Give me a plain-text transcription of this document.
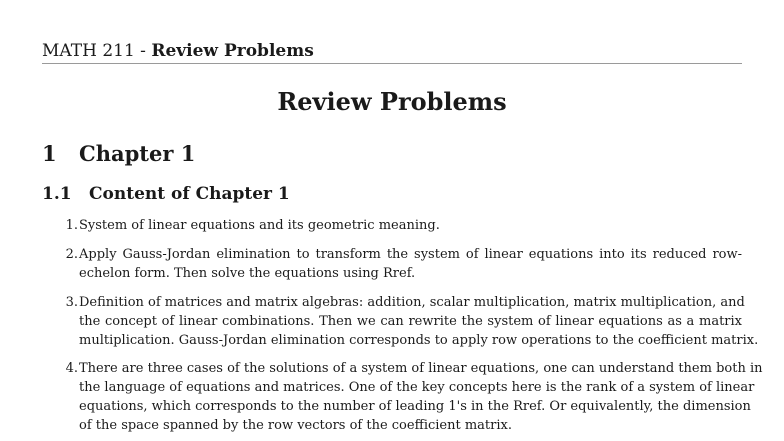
MATH 211 - Review Problems
Review Problems
1 Chapter 1
1.1 Content of Chapter 1
1. System of linear equations and its geometric meaning.
2. Apply Gauss-Jordan elimination to transform the system of linear equations into its reduced row-
echelon form. Then solve the equations using Rref.
3. Definition of matrices and matrix algebras: addition, scalar multiplication, matrix multiplication, and
the concept of linear combinations. Then we can rewrite the system of linear equations as a matrix
multiplication. Gauss-Jordan elimination corresponds to apply row operations to the coefficient matrix.
4. There are three cases of the solutions of a system of linear equations, one can understand them both in
the language of equations and matrices. One of the key concepts here is the rank of a system of linear
equations, which corresponds to the number of leading 1's in the Rref. Or equivalently, the dimension
of the space spanned by the row vectors of the coefficient matrix.
